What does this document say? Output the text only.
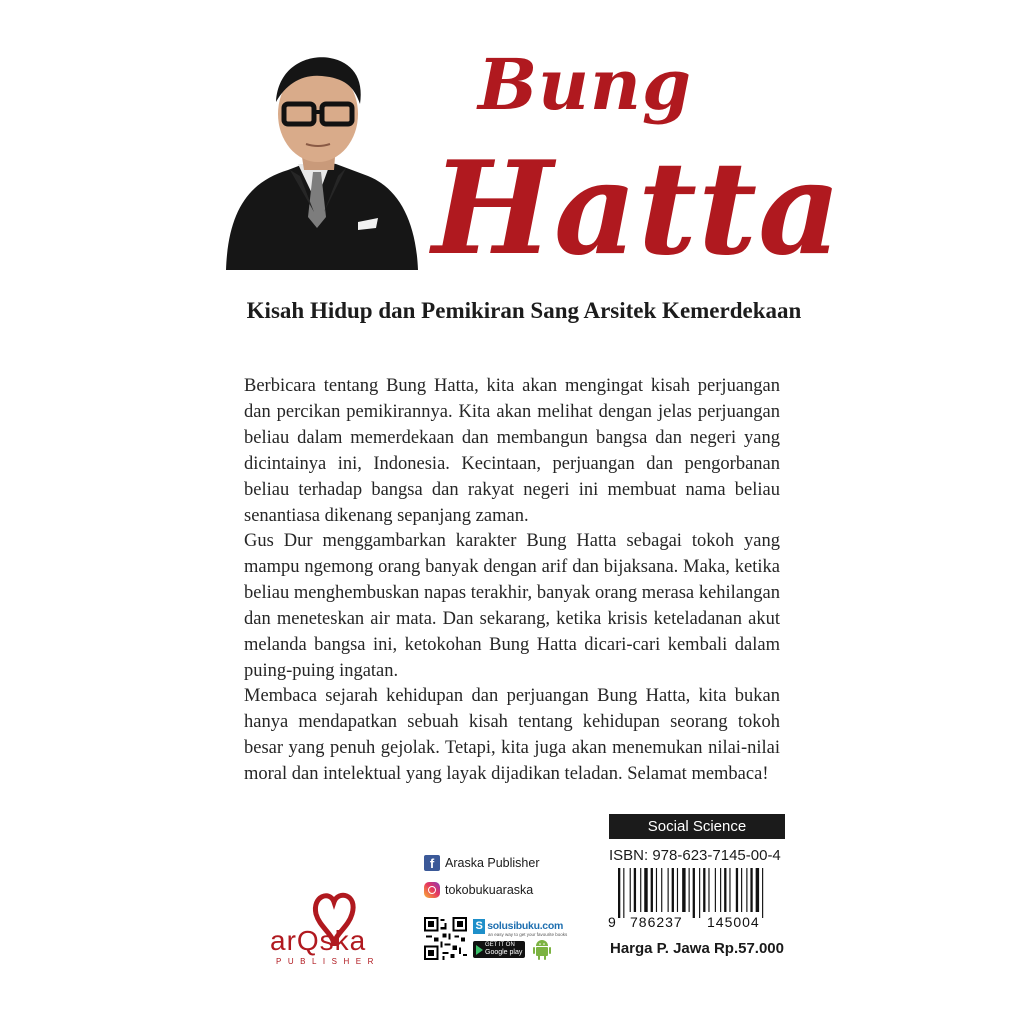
Bung
Hatta
Kisah Hidup dan Pemikiran Sang Arsitek Kemerdekaan

Berbicara tentang Bung Hatta, kita akan mengingat kisah perjuangan dan percikan pemikirannya. Kita akan melihat dengan jelas perjuangan beliau dalam memerdekaan dan membangun bangsa dan negeri yang dicintainya ini, Indonesia. Kecintaan, perjuangan dan pengorbanan beliau terhadap bangsa dan rakyat negeri ini membuat nama beliau senantiasa dikenang sepanjang zaman.

Gus Dur menggambarkan karakter Bung Hatta sebagai tokoh yang mampu ngemong orang banyak dengan arif dan bijaksana. Maka, ketika beliau menghembuskan napas terakhir, banyak orang merasa kehilangan dan meneteskan air mata. Dan sekarang, ketika krisis keteladanan akut melanda bangsa ini, ketokohan Bung Hatta dicari-cari kembali dalam puing-puing ingatan.

Membaca sejarah kehidupan dan perjuangan Bung Hatta, kita bukan hanya mendapatkan sebuah kisah tentang kehidupan seorang tokoh besar yang penuh gejolak. Tetapi, kita juga akan menemukan nilai-nilai moral dan intelektual yang layak dijadikan teladan. Selamat membaca!

arQska
PUBLISHER
f Araska Publisher
tokobukuaraska
S solusibuku.com
an easy way to get your favourite books
GET IT ON
Google play
Social Science
ISBN: 978-623-7145-00-4
9 786237 145004
Harga P. Jawa Rp.57.000
